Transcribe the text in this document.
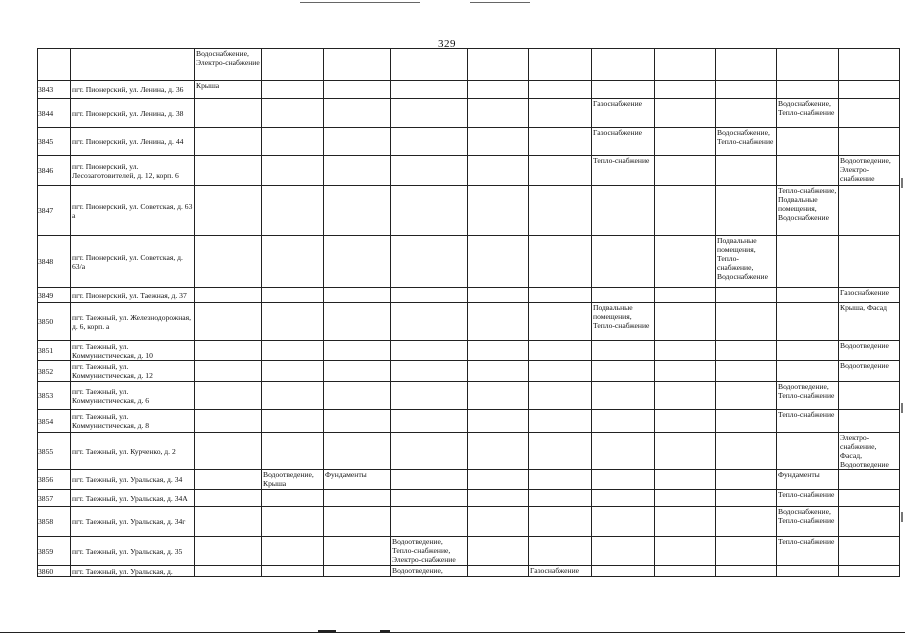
329
		Водоснабжение, Электро-снабжение										
3843	пгт. Пионерский, ул. Ленина, д. 36	Крыша										
3844	пгт. Пионерский, ул. Ленина, д. 38							Газоснабжение			Водоснабжение, Тепло-снабжение	
3845	пгт. Пионерский, ул. Ленина, д. 44							Газоснабжение		Водоснабжение, Тепло-снабжение		
3846	пгт. Пионерский, ул. Лесозаготовителей, д. 12, корп. 6							Тепло-снабжение				Водоотведение, Электро-снабжение
3847	пгт. Пионерский, ул. Советская, д. 63 а										Тепло-снабжение, Подвальные помещения, Водоснабжение	
3848	пгт. Пионерский, ул. Советская, д. 63/а									Подвальные помещения, Тепло-снабжение, Водоснабжение		
3849	пгт. Пионерский, ул. Таежная, д. 37											Газоснабжение
3850	пгт. Таежный, ул. Железнодорожная, д. 6, корп. а							Подвальные помещения, Тепло-снабжение				Крыша, Фасад
3851	пгт. Таежный, ул. Коммунистическая, д. 10											Водоотведение
3852	пгт. Таежный, ул. Коммунистическая, д. 12											Водоотведение
3853	пгт. Таежный, ул. Коммунистическая, д. 6										Водоотведение, Тепло-снабжение	
3854	пгт. Таежный, ул. Коммунистическая, д. 8										Тепло-снабжение	
3855	пгт. Таежный, ул. Курченко, д. 2											Электро-снабжение, Фасад, Водоотведение
3856	пгт. Таежный, ул. Уральская, д. 34		Водоотведение, Крыша	Фундаменты							Фундаменты	
3857	пгт. Таежный, ул. Уральская, д. 34А										Тепло-снабжение	
3858	пгт. Таежный, ул. Уральская, д. 34г										Водоснабжение, Тепло-снабжение	
3859	пгт. Таежный, ул. Уральская, д. 35				Водоотведение, Тепло-снабжение, Электро-снабжение						Тепло-снабжение	
3860	пгт. Таежный, ул. Уральская, д.				Водоотведение,		Газоснабжение					
